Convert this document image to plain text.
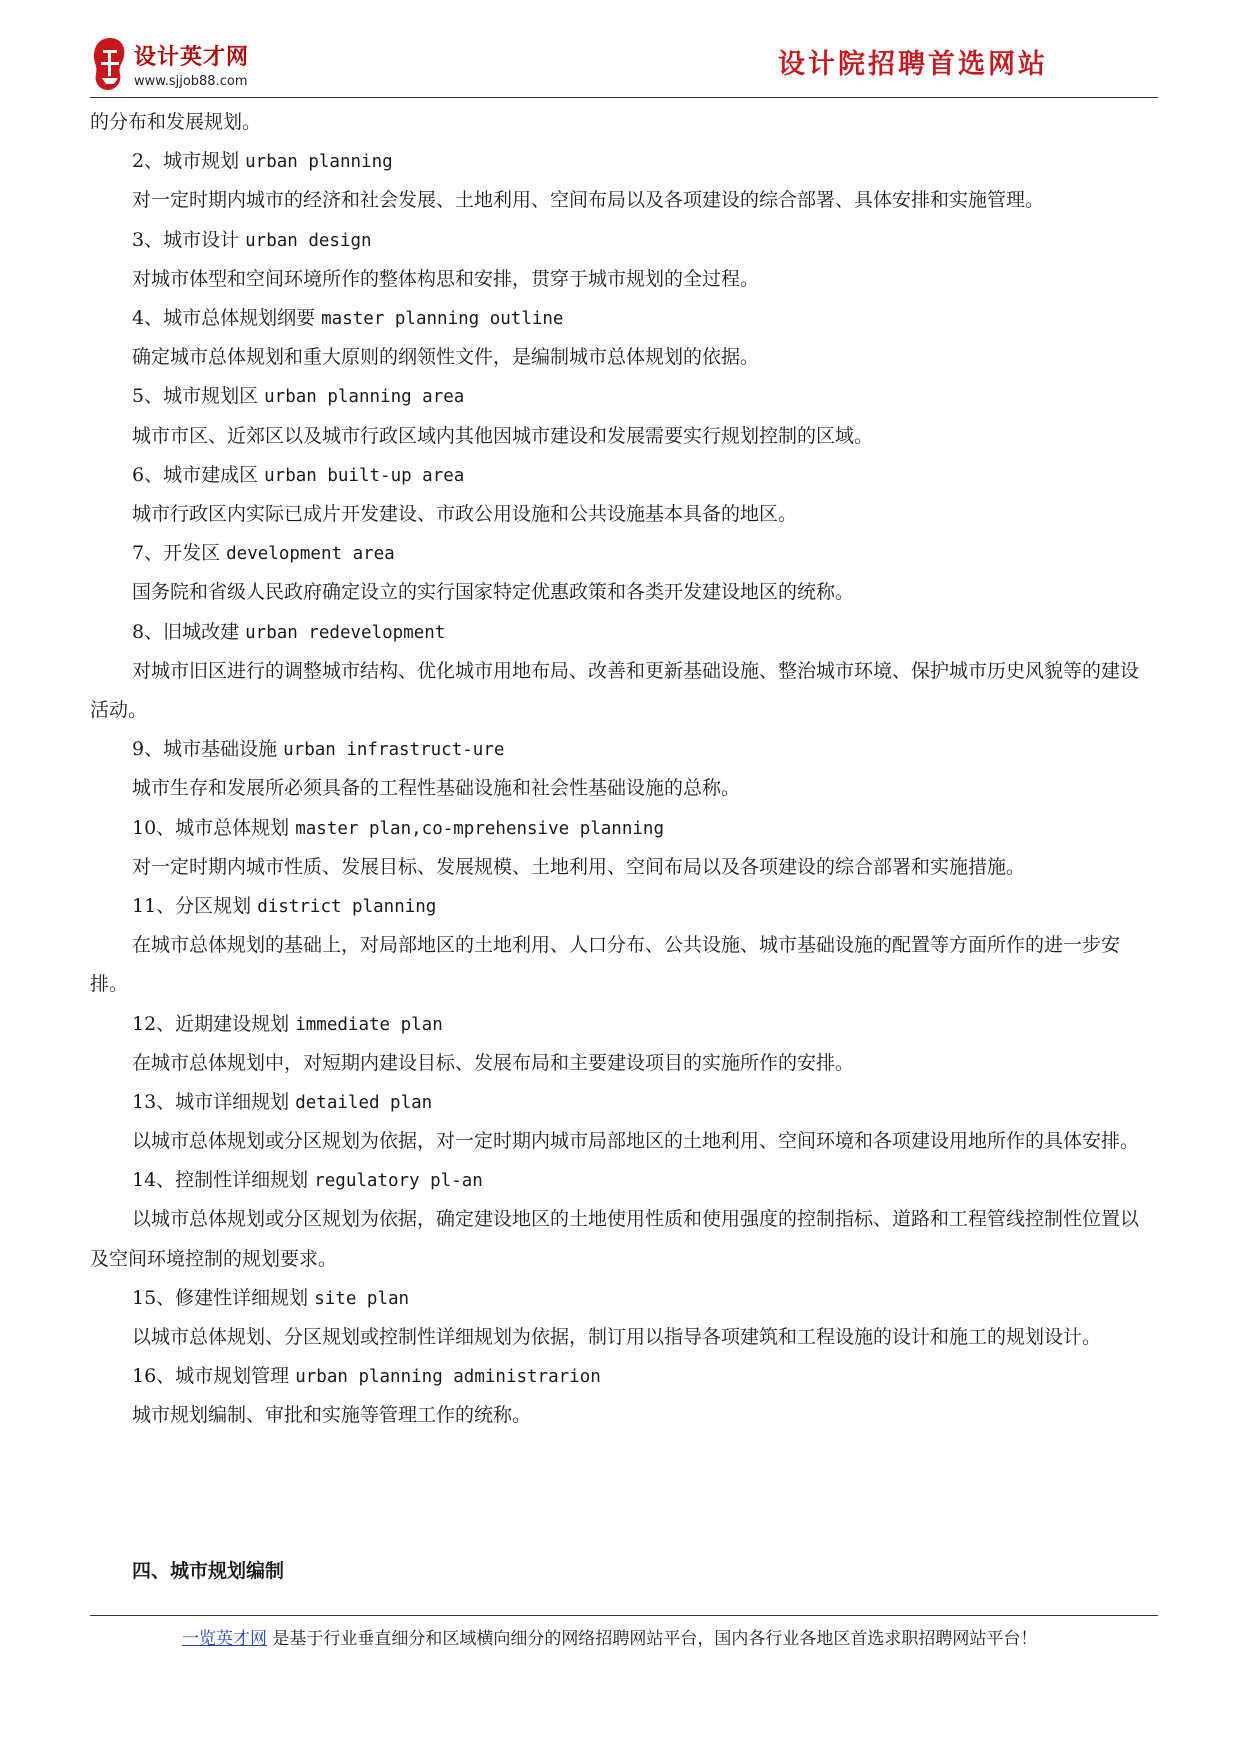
设计英才网
www.sjjob88.com
设计院招聘首选网站
的分布和发展规划。
2、城市规划 urban planning
对一定时期内城市的经济和社会发展、土地利用、空间布局以及各项建设的综合部署、具体安排和实施管理。
3、城市设计 urban design
对城市体型和空间环境所作的整体构思和安排，贯穿于城市规划的全过程。
4、城市总体规划纲要 master planning outline
确定城市总体规划和重大原则的纲领性文件，是编制城市总体规划的依据。
5、城市规划区 urban planning area
城市市区、近郊区以及城市行政区域内其他因城市建设和发展需要实行规划控制的区域。
6、城市建成区 urban built-up area
城市行政区内实际已成片开发建设、市政公用设施和公共设施基本具备的地区。
7、开发区 development area
国务院和省级人民政府确定设立的实行国家特定优惠政策和各类开发建设地区的统称。
8、旧城改建 urban redevelopment
对城市旧区进行的调整城市结构、优化城市用地布局、改善和更新基础设施、整治城市环境、保护城市历史风貌等的建设活动。
9、城市基础设施 urban infrastruct-ure
城市生存和发展所必须具备的工程性基础设施和社会性基础设施的总称。
10、城市总体规划 master plan,co-mprehensive planning
对一定时期内城市性质、发展目标、发展规模、土地利用、空间布局以及各项建设的综合部署和实施措施。
11、分区规划 district planning
在城市总体规划的基础上，对局部地区的土地利用、人口分布、公共设施、城市基础设施的配置等方面所作的进一步安排。
12、近期建设规划 immediate plan
在城市总体规划中，对短期内建设目标、发展布局和主要建设项目的实施所作的安排。
13、城市详细规划 detailed plan
以城市总体规划或分区规划为依据，对一定时期内城市局部地区的土地利用、空间环境和各项建设用地所作的具体安排。
14、控制性详细规划 regulatory pl-an
以城市总体规划或分区规划为依据，确定建设地区的土地使用性质和使用强度的控制指标、道路和工程管线控制性位置以及空间环境控制的规划要求。
15、修建性详细规划 site plan
以城市总体规划、分区规划或控制性详细规划为依据，制订用以指导各项建筑和工程设施的设计和施工的规划设计。
16、城市规划管理 urban planning administrarion
城市规划编制、审批和实施等管理工作的统称。
四、城市规划编制
一览英才网 是基于行业垂直细分和区域横向细分的网络招聘网站平台，国内各行业各地区首选求职招聘网站平台！
